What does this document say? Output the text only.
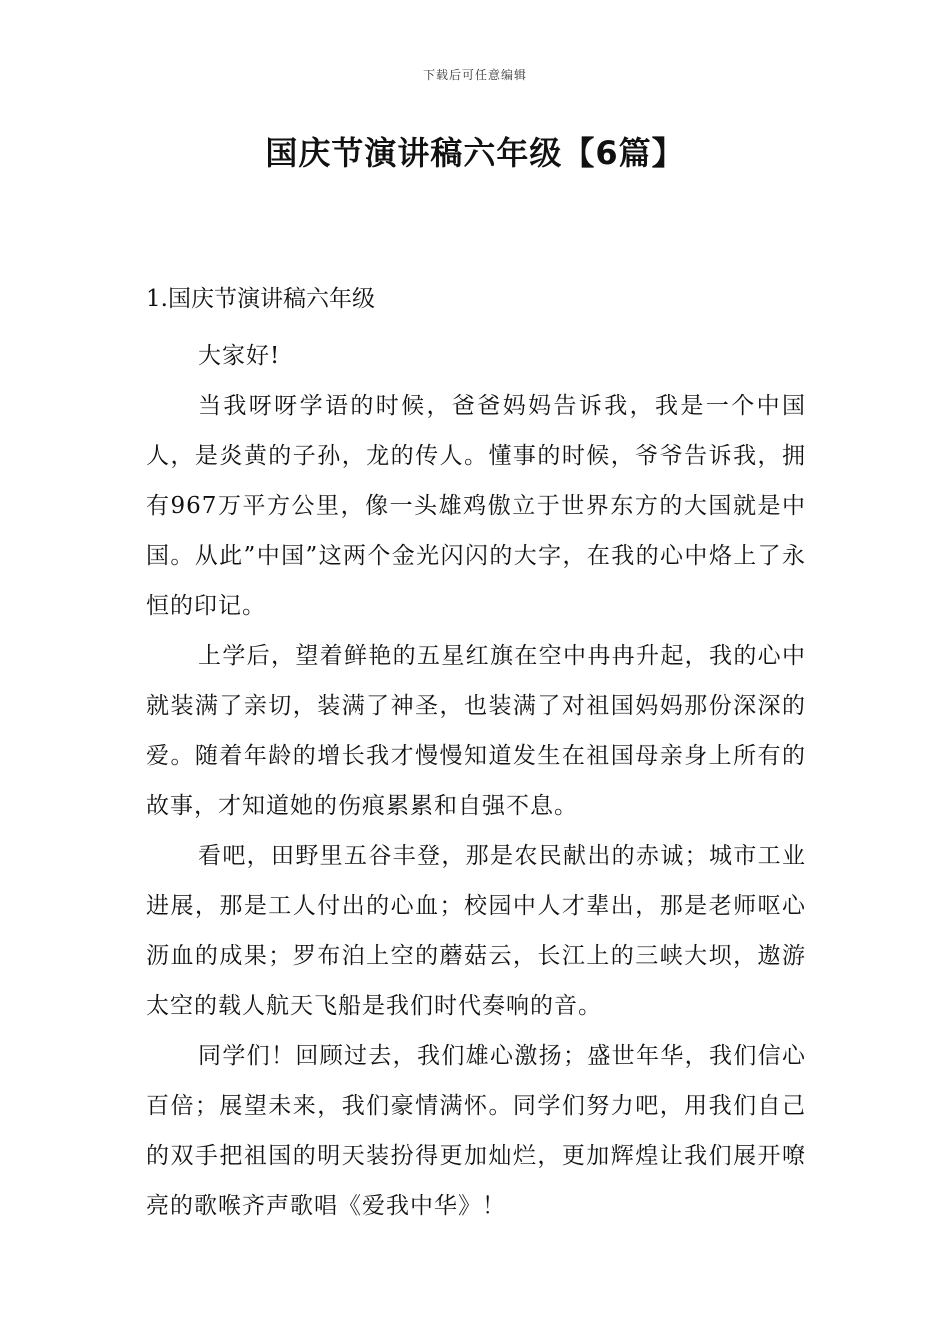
下载后可任意编辑
国庆节演讲稿六年级【6篇】
1.国庆节演讲稿六年级

大家好!

当我呀呀学语的时候，爸爸妈妈告诉我，我是一个中国人，是炎黄的子孙，龙的传人。懂事的时候，爷爷告诉我，拥有967万平方公里，像一头雄鸡傲立于世界东方的大国就是中国。从此”中国”这两个金光闪闪的大字，在我的心中烙上了永恒的印记。

上学后，望着鲜艳的五星红旗在空中冉冉升起，我的心中就装满了亲切，装满了神圣，也装满了对祖国妈妈那份深深的爱。随着年龄的增长我才慢慢知道发生在祖国母亲身上所有的故事，才知道她的伤痕累累和自强不息。

看吧，田野里五谷丰登，那是农民献出的赤诚；城市工业进展，那是工人付出的心血；校园中人才辈出，那是老师呕心沥血的成果；罗布泊上空的蘑菇云，长江上的三峡大坝，遨游太空的载人航天飞船是我们时代奏响的音。

同学们！回顾过去，我们雄心激扬；盛世年华，我们信心百倍；展望未来，我们豪情满怀。同学们努力吧，用我们自己的双手把祖国的明天装扮得更加灿烂，更加辉煌让我们展开嘹亮的歌喉齐声歌唱《爱我中华》！
